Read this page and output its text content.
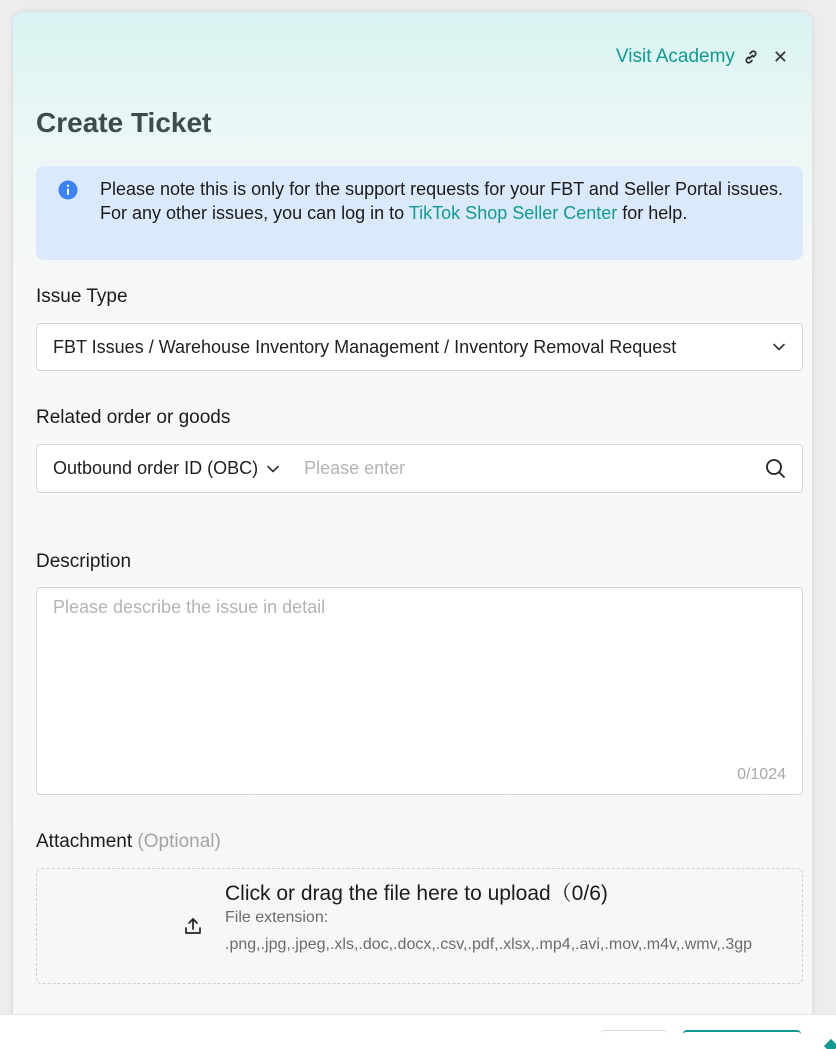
Visit Academy ✕
Create Ticket
Please note this is only for the support requests for your FBT and Seller Portal issues. For any other issues, you can log in to TikTok Shop Seller Center for help.
Issue Type
FBT Issues / Warehouse Inventory Management / Inventory Removal Request
Related order or goods
Outbound order ID (OBC)
Please enter
Description
Please describe the issue in detail
0/1024
Attachment (Optional)
Click or drag the file here to upload（0/6)
File extension:
.png,.jpg,.jpeg,.xls,.doc,.docx,.csv,.pdf,.xlsx,.mp4,.avi,.mov,.m4v,.wmv,.3gp
